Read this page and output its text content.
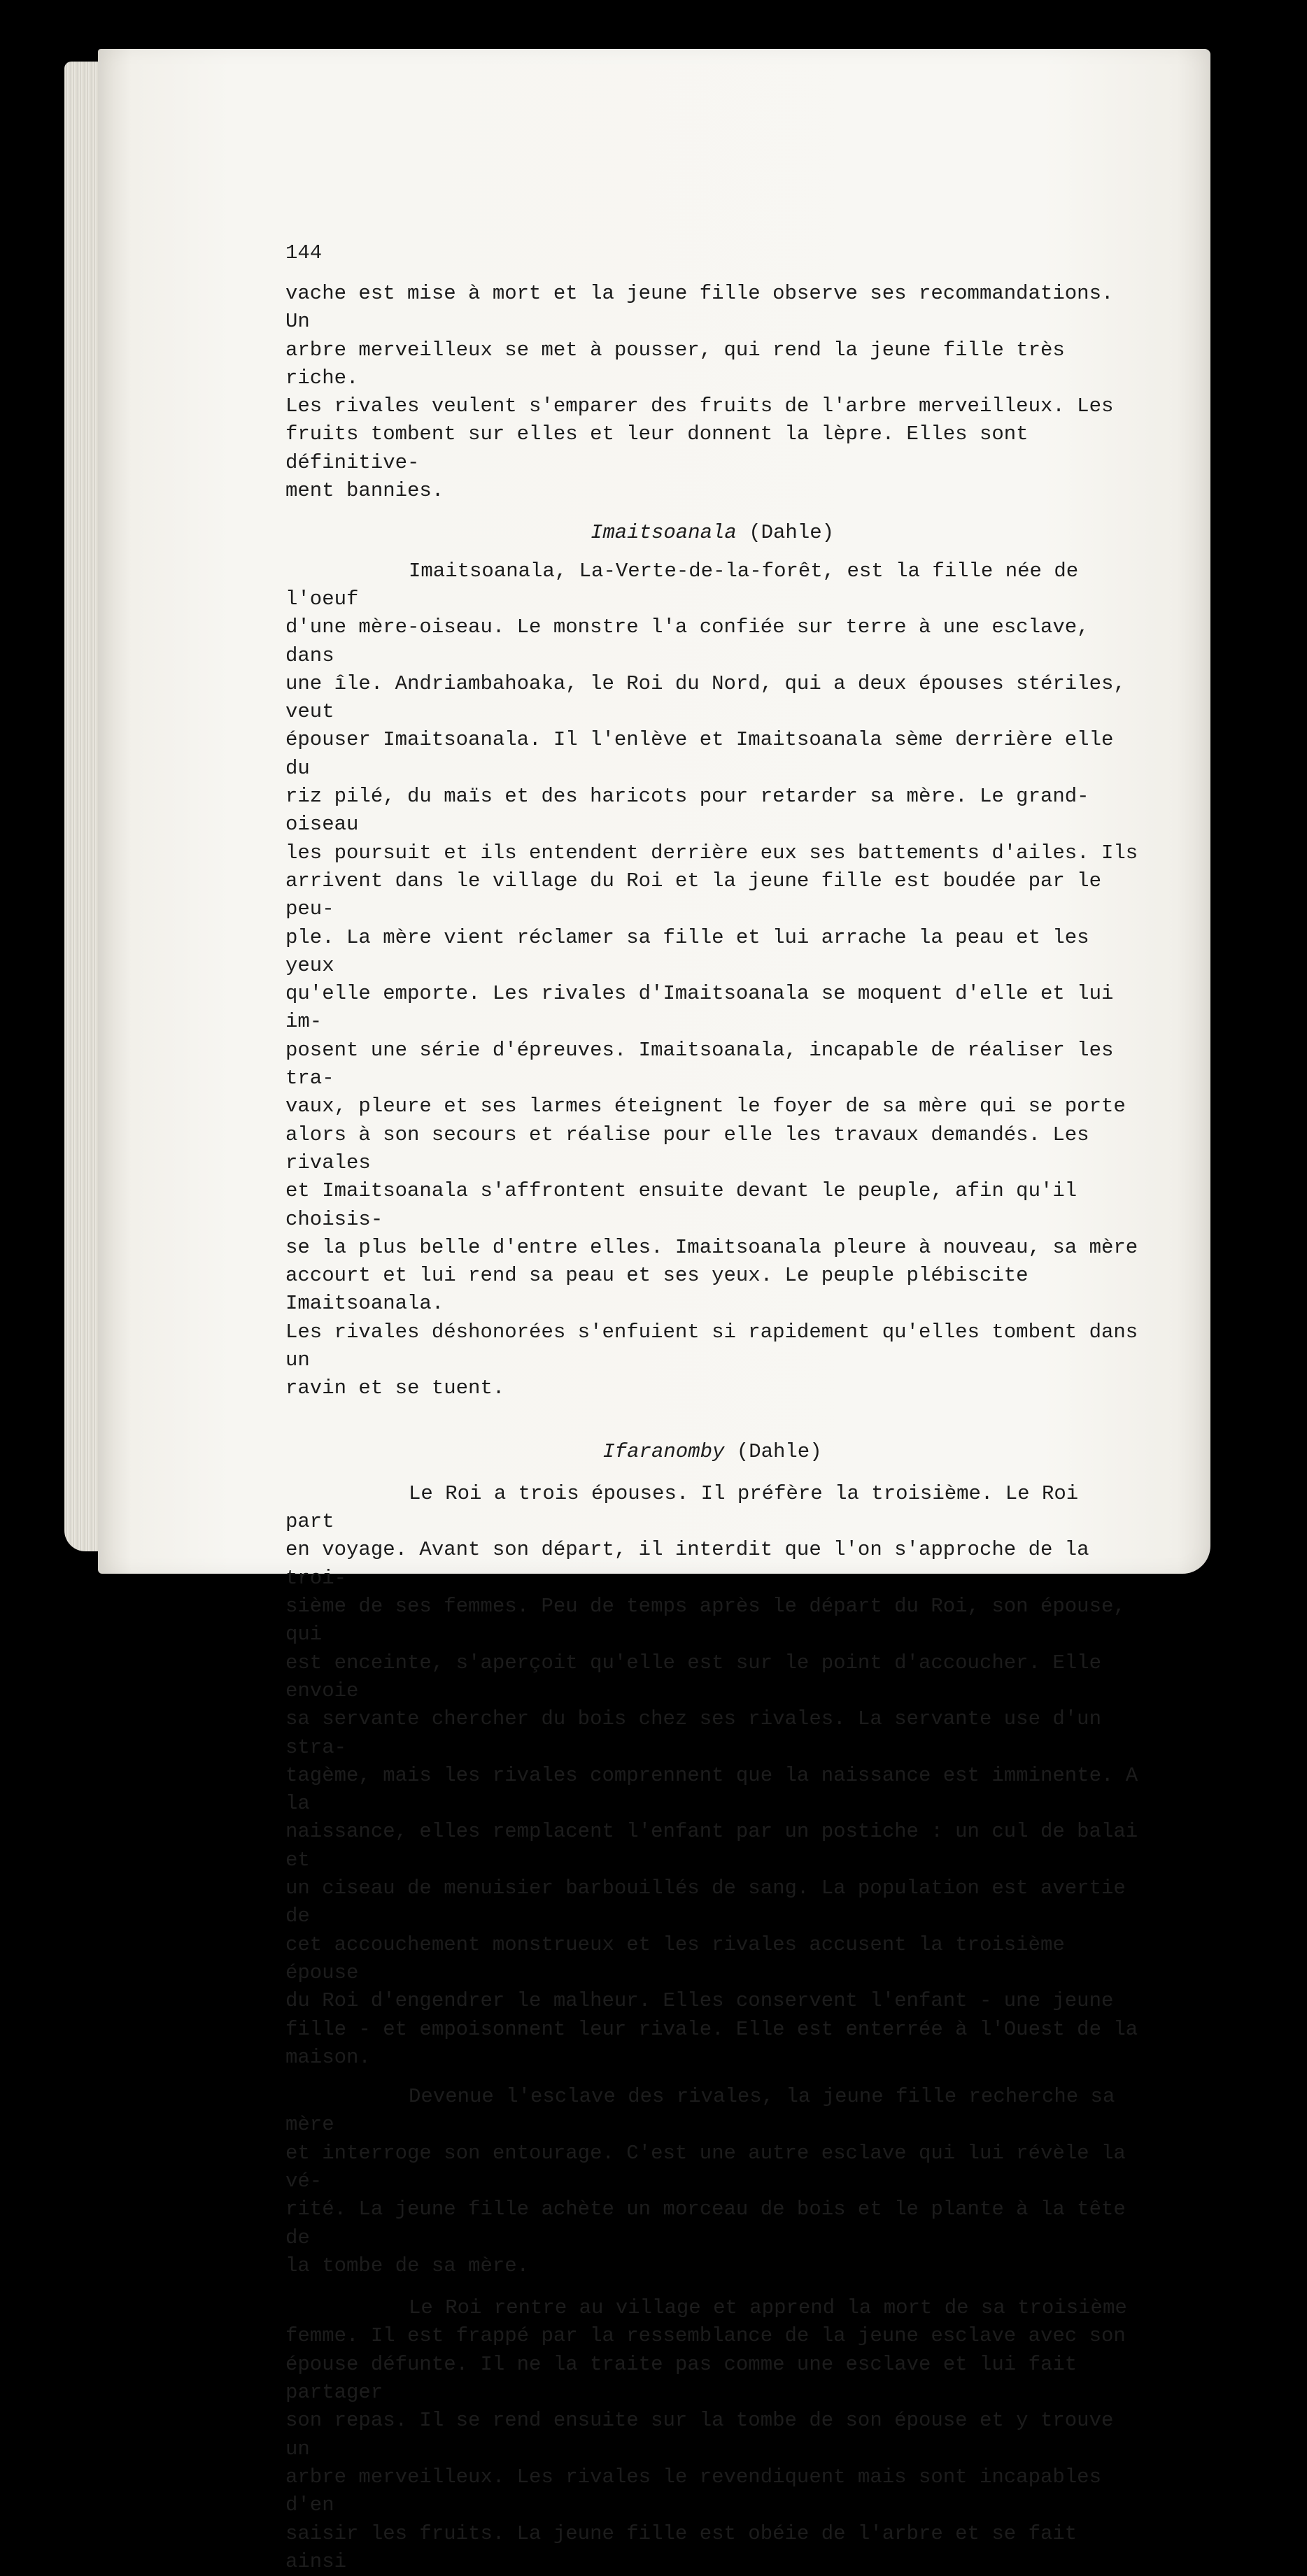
144

vache est mise à mort et la jeune fille observe ses recommandations. Un

arbre merveilleux se met à pousser, qui rend la jeune fille très riche.

Les rivales veulent s'emparer des fruits de l'arbre merveilleux. Les

fruits tombent sur elles et leur donnent la lèpre. Elles sont définitive-

ment bannies.

Imaitsoanala (Dahle)

Imaitsoanala, La-Verte-de-la-forêt, est la fille née de l'oeuf

d'une mère-oiseau. Le monstre l'a confiée sur terre à une esclave, dans

une île. Andriambahoaka, le Roi du Nord, qui a deux épouses stériles, veut

épouser Imaitsoanala. Il l'enlève et Imaitsoanala sème derrière elle du

riz pilé, du maïs et des haricots pour retarder sa mère. Le grand-oiseau

les poursuit et ils entendent derrière eux ses battements d'ailes. Ils

arrivent dans le village du Roi et la jeune fille est boudée par le peu-

ple. La mère vient réclamer sa fille et lui arrache la peau et les yeux

qu'elle emporte. Les rivales d'Imaitsoanala se moquent d'elle et lui im-

posent une série d'épreuves. Imaitsoanala, incapable de réaliser les tra-

vaux, pleure et ses larmes éteignent le foyer de sa mère qui se porte

alors à son secours et réalise pour elle les travaux demandés. Les rivales

et Imaitsoanala s'affrontent ensuite devant le peuple, afin qu'il choisis-

se la plus belle d'entre elles. Imaitsoanala pleure à nouveau, sa mère

accourt et lui rend sa peau et ses yeux. Le peuple plébiscite Imaitsoanala.

Les rivales déshonorées s'enfuient si rapidement qu'elles tombent dans un

ravin et se tuent.

Ifaranomby (Dahle)

Le Roi a trois épouses. Il préfère la troisième. Le Roi part

en voyage. Avant son départ, il interdit que l'on s'approche de la troi-

sième de ses femmes. Peu de temps après le départ du Roi, son épouse, qui

est enceinte, s'aperçoit qu'elle est sur le point d'accoucher. Elle envoie

sa servante chercher du bois chez ses rivales. La servante use d'un stra-

tagème, mais les rivales comprennent que la naissance est imminente. A la

naissance, elles remplacent l'enfant par un postiche : un cul de balai et

un ciseau de menuisier barbouillés de sang. La population est avertie de

cet accouchement monstrueux et les rivales accusent la troisième épouse

du Roi d'engendrer le malheur. Elles conservent l'enfant - une jeune

fille - et empoisonnent leur rivale. Elle est enterrée à l'Ouest de la

maison.

Devenue l'esclave des rivales, la jeune fille recherche sa mère

et interroge son entourage. C'est une autre esclave qui lui révèle la vé-

rité. La jeune fille achète un morceau de bois et le plante à la tête de

la tombe de sa mère.

Le Roi rentre au village et apprend la mort de sa troisième

femme. Il est frappé par la ressemblance de la jeune esclave avec son

épouse défunte. Il ne la traite pas comme une esclave et lui fait partager

son repas. Il se rend ensuite sur la tombe de son épouse et y trouve un

arbre merveilleux. Les rivales le revendiquent mais sont incapables d'en

saisir les fruits. La jeune fille est obéie de l'arbre et se fait ainsi
